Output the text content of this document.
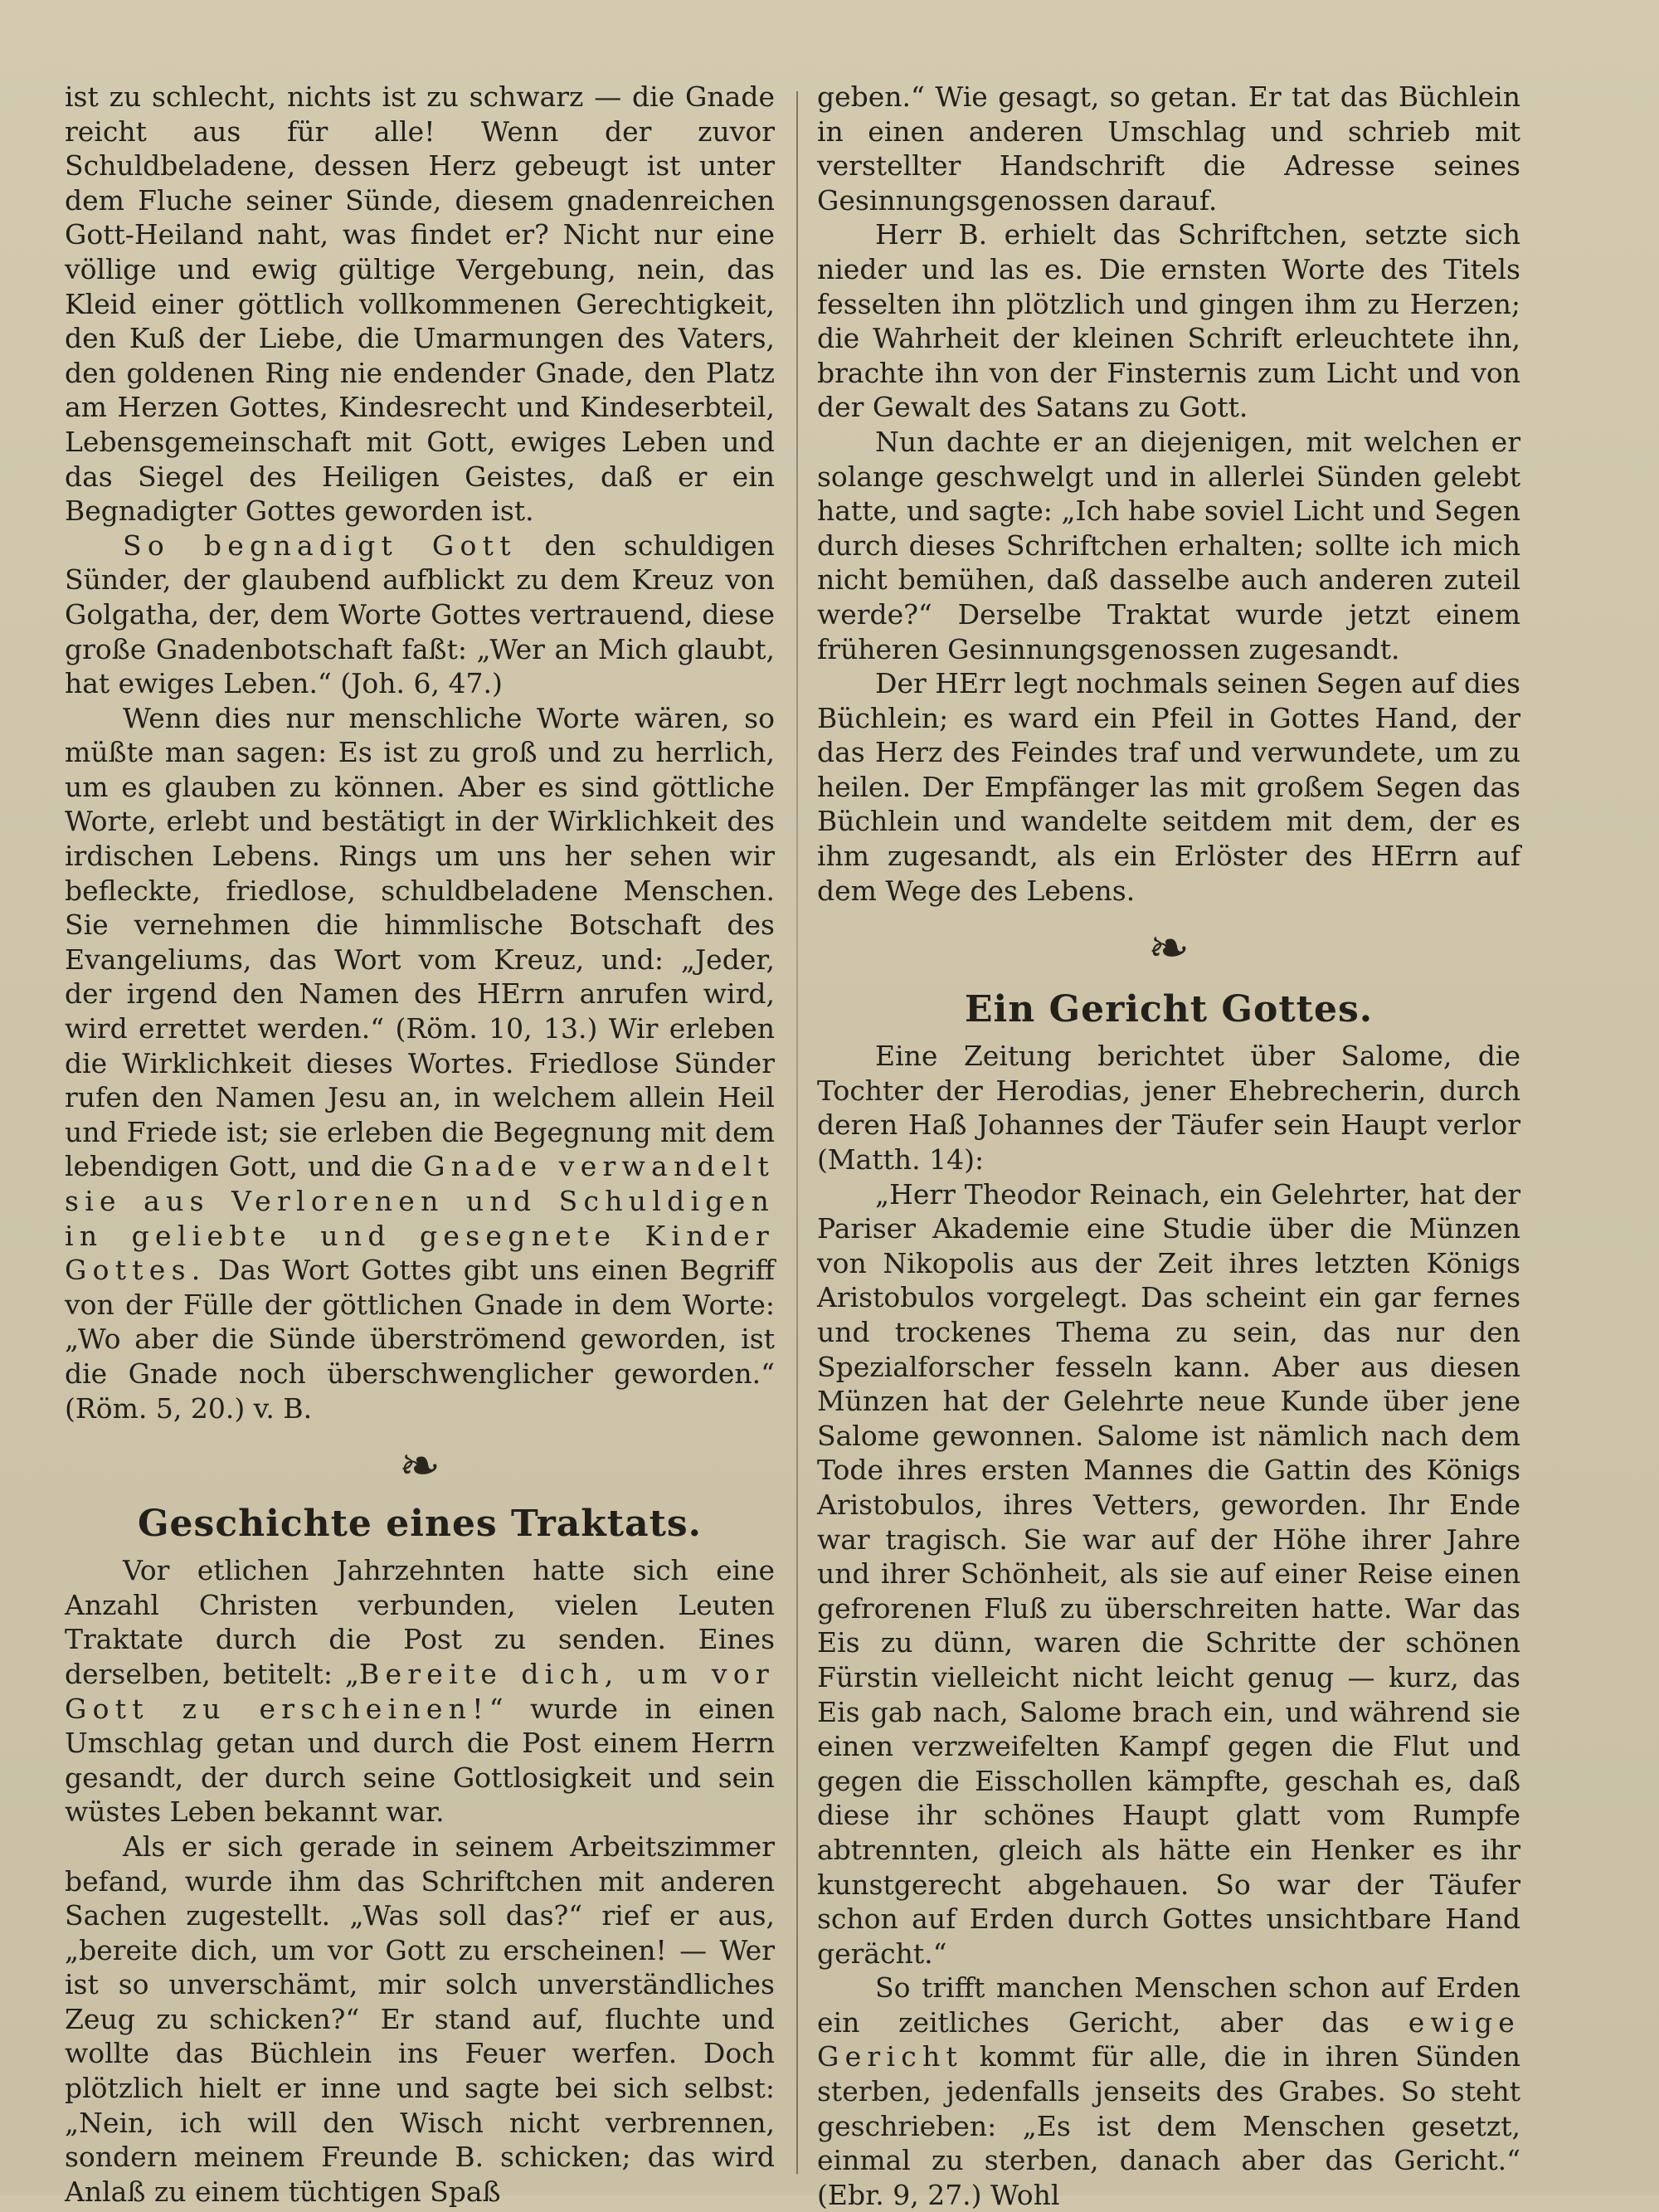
ist zu schlecht, nichts ist zu schwarz — die Gnade reicht aus für alle! Wenn der zuvor Schuldbeladene, dessen Herz gebeugt ist unter dem Fluche seiner Sünde, diesem gnadenreichen Gott-Heiland naht, was findet er? Nicht nur eine völlige und ewig gültige Vergebung, nein, das Kleid einer göttlich vollkommenen Gerechtigkeit, den Kuß der Liebe, die Umarmungen des Vaters, den goldenen Ring nie endender Gnade, den Platz am Herzen Gottes, Kindesrecht und Kindeserbteil, Lebensgemeinschaft mit Gott, ewiges Leben und das Siegel des Heiligen Geistes, daß er ein Begnadigter Gottes geworden ist.

So begnadigt Gott den schuldigen Sünder, der glaubend aufblickt zu dem Kreuz von Golgatha, der, dem Worte Gottes vertrauend, diese große Gnadenbotschaft faßt: „Wer an Mich glaubt, hat ewiges Leben.“ (Joh. 6, 47.)

Wenn dies nur menschliche Worte wären, so müßte man sagen: Es ist zu groß und zu herrlich, um es glauben zu können. Aber es sind göttliche Worte, erlebt und bestätigt in der Wirklichkeit des irdischen Lebens. Rings um uns her sehen wir befleckte, friedlose, schuldbeladene Menschen. Sie vernehmen die himmlische Botschaft des Evangeliums, das Wort vom Kreuz, und: „Jeder, der irgend den Namen des HErrn anrufen wird, wird errettet werden.“ (Röm. 10, 13.) Wir erleben die Wirklichkeit dieses Wortes. Friedlose Sünder rufen den Namen Jesu an, in welchem allein Heil und Friede ist; sie erleben die Begegnung mit dem lebendigen Gott, und die Gnade verwandelt sie aus Verlorenen und Schuldigen in geliebte und gesegnete Kinder Gottes. Das Wort Gottes gibt uns einen Begriff von der Fülle der göttlichen Gnade in dem Worte: „Wo aber die Sünde überströmend geworden, ist die Gnade noch überschwenglicher geworden.“ (Röm. 5, 20.) v. B.

❧
Geschichte eines Traktats.

Vor etlichen Jahrzehnten hatte sich eine Anzahl Christen verbunden, vielen Leuten Traktate durch die Post zu senden. Eines derselben, betitelt: „Bereite dich, um vor Gott zu erscheinen!“ wurde in einen Umschlag getan und durch die Post einem Herrn gesandt, der durch seine Gottlosigkeit und sein wüstes Leben bekannt war.

Als er sich gerade in seinem Arbeitszimmer befand, wurde ihm das Schriftchen mit anderen Sachen zugestellt. „Was soll das?“ rief er aus, „bereite dich, um vor Gott zu erscheinen! — Wer ist so unverschämt, mir solch unverständliches Zeug zu schicken?“ Er stand auf, fluchte und wollte das Büchlein ins Feuer werfen. Doch plötzlich hielt er inne und sagte bei sich selbst: „Nein, ich will den Wisch nicht verbrennen, sondern meinem Freunde B. schicken; das wird Anlaß zu einem tüchtigen Spaß

geben.“ Wie gesagt, so getan. Er tat das Büchlein in einen anderen Umschlag und schrieb mit verstellter Handschrift die Adresse seines Gesinnungsgenossen darauf.

Herr B. erhielt das Schriftchen, setzte sich nieder und las es. Die ernsten Worte des Titels fesselten ihn plötzlich und gingen ihm zu Herzen; die Wahrheit der kleinen Schrift erleuchtete ihn, brachte ihn von der Finsternis zum Licht und von der Gewalt des Satans zu Gott.

Nun dachte er an diejenigen, mit welchen er solange geschwelgt und in allerlei Sünden gelebt hatte, und sagte: „Ich habe soviel Licht und Segen durch dieses Schriftchen erhalten; sollte ich mich nicht bemühen, daß dasselbe auch anderen zuteil werde?“ Derselbe Traktat wurde jetzt einem früheren Gesinnungsgenossen zugesandt.

Der HErr legt nochmals seinen Segen auf dies Büchlein; es ward ein Pfeil in Gottes Hand, der das Herz des Feindes traf und verwundete, um zu heilen. Der Empfänger las mit großem Segen das Büchlein und wandelte seitdem mit dem, der es ihm zugesandt, als ein Erlöster des HErrn auf dem Wege des Lebens.

❧
Ein Gericht Gottes.

Eine Zeitung berichtet über Salome, die Tochter der Herodias, jener Ehebrecherin, durch deren Haß Johannes der Täufer sein Haupt verlor (Matth. 14):

„Herr Theodor Reinach, ein Gelehrter, hat der Pariser Akademie eine Studie über die Münzen von Nikopolis aus der Zeit ihres letzten Königs Aristobulos vorgelegt. Das scheint ein gar fernes und trockenes Thema zu sein, das nur den Spezialforscher fesseln kann. Aber aus diesen Münzen hat der Gelehrte neue Kunde über jene Salome gewonnen. Salome ist nämlich nach dem Tode ihres ersten Mannes die Gattin des Königs Aristobulos, ihres Vetters, geworden. Ihr Ende war tragisch. Sie war auf der Höhe ihrer Jahre und ihrer Schönheit, als sie auf einer Reise einen gefrorenen Fluß zu überschreiten hatte. War das Eis zu dünn, waren die Schritte der schönen Fürstin vielleicht nicht leicht genug — kurz, das Eis gab nach, Salome brach ein, und während sie einen verzweifelten Kampf gegen die Flut und gegen die Eisschollen kämpfte, geschah es, daß diese ihr schönes Haupt glatt vom Rumpfe abtrennten, gleich als hätte ein Henker es ihr kunstgerecht abgehauen. So war der Täufer schon auf Erden durch Gottes unsichtbare Hand gerächt.“

So trifft manchen Menschen schon auf Erden ein zeitliches Gericht, aber das ewige Gericht kommt für alle, die in ihren Sünden sterben, jedenfalls jenseits des Grabes. So steht geschrieben: „Es ist dem Menschen gesetzt, einmal zu sterben, danach aber das Gericht.“ (Ebr. 9, 27.) Wohl
